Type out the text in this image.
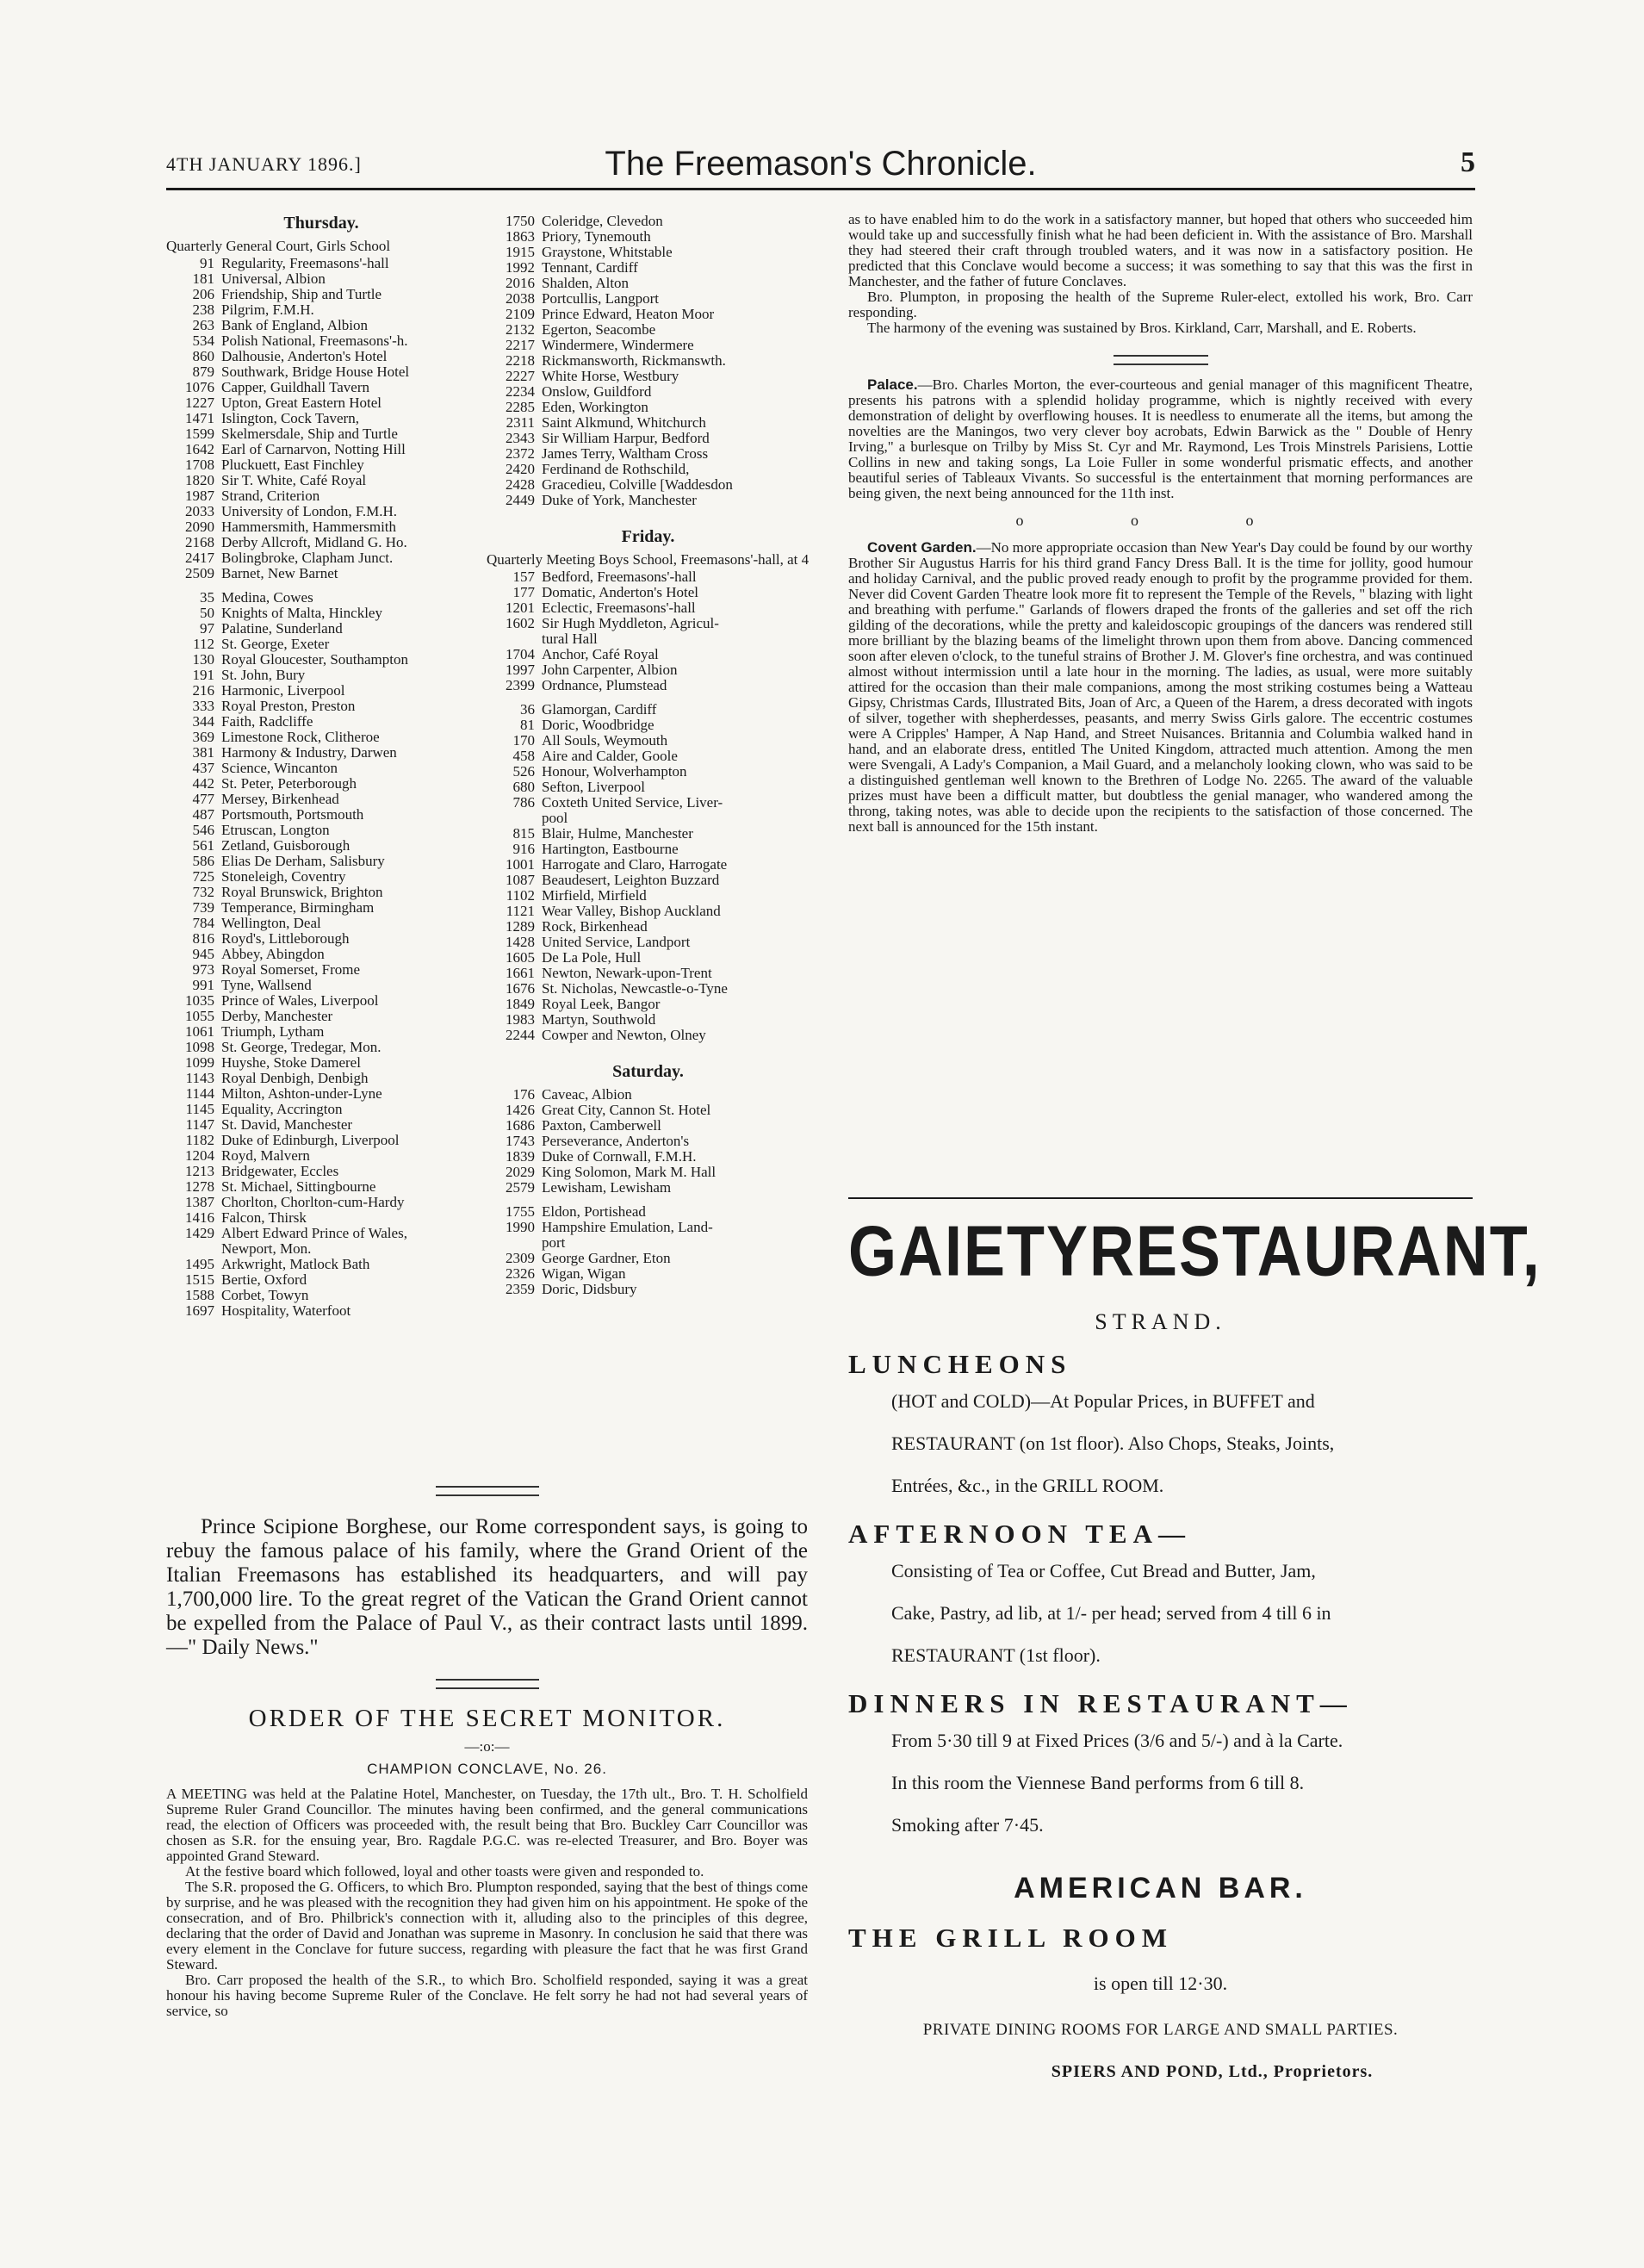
4TH JANUARY 1896.]	The Freemason's Chronicle.	5
Thursday.
Quarterly General Court, Girls School
91 Regularity, Freemasons'-hall
181 Universal, Albion
206 Friendship, Ship and Turtle
238 Pilgrim, F.M.H.
263 Bank of England, Albion
534 Polish National, Freemasons'-h.
860 Dalhousie, Anderton's Hotel
879 Southwark, Bridge House Hotel
1076 Capper, Guildhall Tavern
1227 Upton, Great Eastern Hotel
1471 Islington, Cock Tavern,
1599 Skelmersdale, Ship and Turtle
1642 Earl of Carnarvon, Notting Hill
1708 Pluckuett, East Finchley
1820 Sir T. White, Café Royal
1987 Strand, Criterion
2033 University of London, F.M.H.
2090 Hammersmith, Hammersmith
2168 Derby Allcroft, Midland G. Ho.
2417 Bolingbroke, Clapham Junct.
2509 Barnet, New Barnet
35 Medina, Cowes
50 Knights of Malta, Hinckley
97 Palatine, Sunderland
112 St. George, Exeter
130 Royal Gloucester, Southampton
191 St. John, Bury
216 Harmonic, Liverpool
333 Royal Preston, Preston
344 Faith, Radcliffe
369 Limestone Rock, Clitheroe
381 Harmony & Industry, Darwen
437 Science, Wincanton
442 St. Peter, Peterborough
477 Mersey, Birkenhead
487 Portsmouth, Portsmouth
546 Etruscan, Longton
561 Zetland, Guisborough
586 Elias De Derham, Salisbury
725 Stoneleigh, Coventry
732 Royal Brunswick, Brighton
739 Temperance, Birmingham
784 Wellington, Deal
816 Royd's, Littleborough
945 Abbey, Abingdon
973 Royal Somerset, Frome
991 Tyne, Wallsend
1035 Prince of Wales, Liverpool
1055 Derby, Manchester
1061 Triumph, Lytham
1098 St. George, Tredegar, Mon.
1099 Huyshe, Stoke Damerel
1143 Royal Denbigh, Denbigh
1144 Milton, Ashton-under-Lyne
1145 Equality, Accrington
1147 St. David, Manchester
1182 Duke of Edinburgh, Liverpool
1204 Royd, Malvern
1213 Bridgewater, Eccles
1278 St. Michael, Sittingbourne
1387 Chorlton, Chorlton-cum-Hardy
1416 Falcon, Thirsk
1429 Albert Edward Prince of Wales,
Newport, Mon.
1495 Arkwright, Matlock Bath
1515 Bertie, Oxford
1588 Corbet, Towyn
1697 Hospitality, Waterfoot
1750 Coleridge, Clevedon
1863 Priory, Tynemouth
1915 Graystone, Whitstable
1992 Tennant, Cardiff
2016 Shalden, Alton
2038 Portcullis, Langport
2109 Prince Edward, Heaton Moor
2132 Egerton, Seacombe
2217 Windermere, Windermere
2218 Rickmansworth, Rickmanswth.
2227 White Horse, Westbury
2234 Onslow, Guildford
2285 Eden, Workington
2311 Saint Alkmund, Whitchurch
2343 Sir William Harpur, Bedford
2372 James Terry, Waltham Cross
2420 Ferdinand de Rothschild,
2428 Gracedieu, Colville [Waddesdon
2449 Duke of York, Manchester
Friday.
Quarterly Meeting Boys School, Freemasons'-hall, at 4
157 Bedford, Freemasons'-hall
177 Domatic, Anderton's Hotel
1201 Eclectic, Freemasons'-hall
1602 Sir Hugh Myddleton, Agricul-
tural Hall
1704 Anchor, Café Royal
1997 John Carpenter, Albion
2399 Ordnance, Plumstead
36 Glamorgan, Cardiff
81 Doric, Woodbridge
170 All Souls, Weymouth
458 Aire and Calder, Goole
526 Honour, Wolverhampton
680 Sefton, Liverpool
786 Coxteth United Service, Liver-
pool
815 Blair, Hulme, Manchester
916 Hartington, Eastbourne
1001 Harrogate and Claro, Harrogate
1087 Beaudesert, Leighton Buzzard
1102 Mirfield, Mirfield
1121 Wear Valley, Bishop Auckland
1289 Rock, Birkenhead
1428 United Service, Landport
1605 De La Pole, Hull
1661 Newton, Newark-upon-Trent
1676 St. Nicholas, Newcastle-o-Tyne
1849 Royal Leek, Bangor
1983 Martyn, Southwold
2244 Cowper and Newton, Olney
Saturday.
176 Caveac, Albion
1426 Great City, Cannon St. Hotel
1686 Paxton, Camberwell
1743 Perseverance, Anderton's
1839 Duke of Cornwall, F.M.H.
2029 King Solomon, Mark M. Hall
2579 Lewisham, Lewisham
1755 Eldon, Portishead
1990 Hampshire Emulation, Land-
port
2309 George Gardner, Eton
2326 Wigan, Wigan
2359 Doric, Didsbury
Prince Scipione Borghese, our Rome correspondent says, is going to rebuy the famous palace of his family, where the Grand Orient of the Italian Freemasons has established its headquarters, and will pay 1,700,000 lire. To the great regret of the Vatican the Grand Orient cannot be expelled from the Palace of Paul V., as their contract lasts until 1899.—" Daily News."
ORDER OF THE SECRET MONITOR.
—:o:—
CHAMPION CONCLAVE, No. 26.
A MEETING was held at the Palatine Hotel, Manchester, on Tuesday, the 17th ult., Bro. T. H. Scholfield Supreme Ruler Grand Councillor. The minutes having been confirmed, and the general communications read, the election of Officers was proceeded with, the result being that Bro. Buckley Carr Councillor was chosen as S.R. for the ensuing year, Bro. Ragdale P.G.C. was re-elected Treasurer, and Bro. Boyer was appointed Grand Steward.
At the festive board which followed, loyal and other toasts were given and responded to.
The S.R. proposed the G. Officers, to which Bro. Plumpton responded, saying that the best of things come by surprise, and he was pleased with the recognition they had given him on his appointment. He spoke of the consecration, and of Bro. Philbrick's connection with it, alluding also to the principles of this degree, declaring that the order of David and Jonathan was supreme in Masonry. In conclusion he said that there was every element in the Conclave for future success, regarding with pleasure the fact that he was first Grand Steward.
Bro. Carr proposed the health of the S.R., to which Bro. Scholfield responded, saying it was a great honour his having become Supreme Ruler of the Conclave. He felt sorry he had not had several years of service, so
as to have enabled him to do the work in a satisfactory manner, but hoped that others who succeeded him would take up and successfully finish what he had been deficient in. With the assistance of Bro. Marshall they had steered their craft through troubled waters, and it was now in a satisfactory position. He predicted that this Conclave would become a success; it was something to say that this was the first in Manchester, and the father of future Conclaves.
Bro. Plumpton, in proposing the health of the Supreme Ruler-elect, extolled his work, Bro. Carr responding.
The harmony of the evening was sustained by Bros. Kirkland, Carr, Marshall, and E. Roberts.
Palace.—Bro. Charles Morton, the ever-courteous and genial manager of this magnificent Theatre, presents his patrons with a splendid holiday programme, which is nightly received with every demonstration of delight by overflowing houses. It is needless to enumerate all the items, but among the novelties are the Maningos, two very clever boy acrobats, Edwin Barwick as the " Double of Henry Irving," a burlesque on Trilby by Miss St. Cyr and Mr. Raymond, Les Trois Minstrels Parisiens, Lottie Collins in new and taking songs, La Loie Fuller in some wonderful prismatic effects, and another beautiful series of Tableaux Vivants. So successful is the entertainment that morning performances are being given, the next being announced for the 11th inst.
o o o
Covent Garden.—No more appropriate occasion than New Year's Day could be found by our worthy Brother Sir Augustus Harris for his third grand Fancy Dress Ball. It is the time for jollity, good humour and holiday Carnival, and the public proved ready enough to profit by the programme provided for them. Never did Covent Garden Theatre look more fit to represent the Temple of the Revels, " blazing with light and breathing with perfume." Garlands of flowers draped the fronts of the galleries and set off the rich gilding of the decorations, while the pretty and kaleidoscopic groupings of the dancers was rendered still more brilliant by the blazing beams of the limelight thrown upon them from above. Dancing commenced soon after eleven o'clock, to the tuneful strains of Brother J. M. Glover's fine orchestra, and was continued almost without intermission until a late hour in the morning. The ladies, as usual, were more suitably attired for the occasion than their male companions, among the most striking costumes being a Watteau Gipsy, Christmas Cards, Illustrated Bits, Joan of Arc, a Queen of the Harem, a dress decorated with ingots of silver, together with shepherdesses, peasants, and merry Swiss Girls galore. The eccentric costumes were A Cripples' Hamper, A Nap Hand, and Street Nuisances. Britannia and Columbia walked hand in hand, and an elaborate dress, entitled The United Kingdom, attracted much attention. Among the men were Svengali, A Lady's Companion, a Mail Guard, and a melancholy looking clown, who was said to be a distinguished gentleman well known to the Brethren of Lodge No. 2265. The award of the valuable prizes must have been a difficult matter, but doubtless the genial manager, who wandered among the throng, taking notes, was able to decide upon the recipients to the satisfaction of those concerned. The next ball is announced for the 15th instant.
GAIETY RESTAURANT,
STRAND.
LUNCHEONS
(HOT and COLD)—At Popular Prices, in BUFFET and
RESTAURANT (on 1st floor). Also Chops, Steaks, Joints,
Entrées, &c., in the GRILL ROOM.
AFTERNOON TEA—
Consisting of Tea or Coffee, Cut Bread and Butter, Jam,
Cake, Pastry, ad lib, at 1/- per head; served from 4 till 6 in
RESTAURANT (1st floor).
DINNERS IN RESTAURANT—
From 5·30 till 9 at Fixed Prices (3/6 and 5/-) and à la Carte.
In this room the Viennese Band performs from 6 till 8.
Smoking after 7·45.
AMERICAN BAR.
THE GRILL ROOM
is open till 12·30.
PRIVATE DINING ROOMS FOR LARGE AND SMALL PARTIES.
SPIERS AND POND, Ltd., Proprietors.
